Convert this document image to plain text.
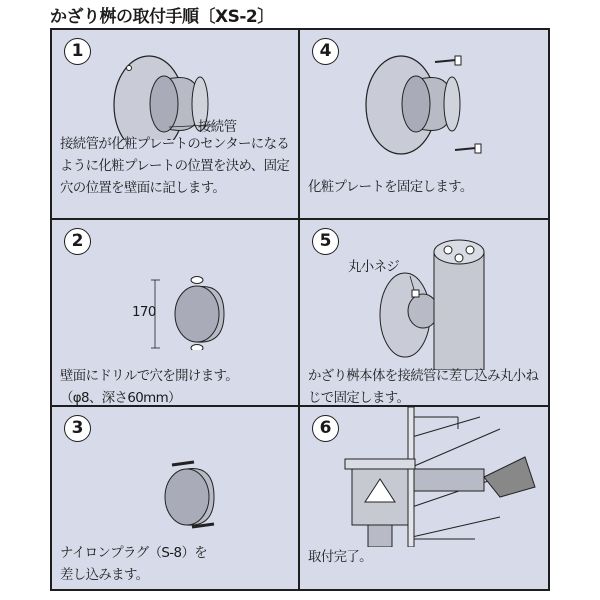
かざり桝の取付手順〔XS-2〕
1
接続管
接続管が化粧プレートのセンターになるように化粧プレートの位置を決め、固定穴の位置を壁面に記します。
4
化粧プレートを固定します。
2
170
壁面にドリルで穴を開けます。
（φ8、深さ60mm）
5
丸小ネジ
かざり桝本体を接続管に差し込み丸小ねじで固定します。
3
ナイロンプラグ（S-8）を
差し込みます。
6
取付完了。
